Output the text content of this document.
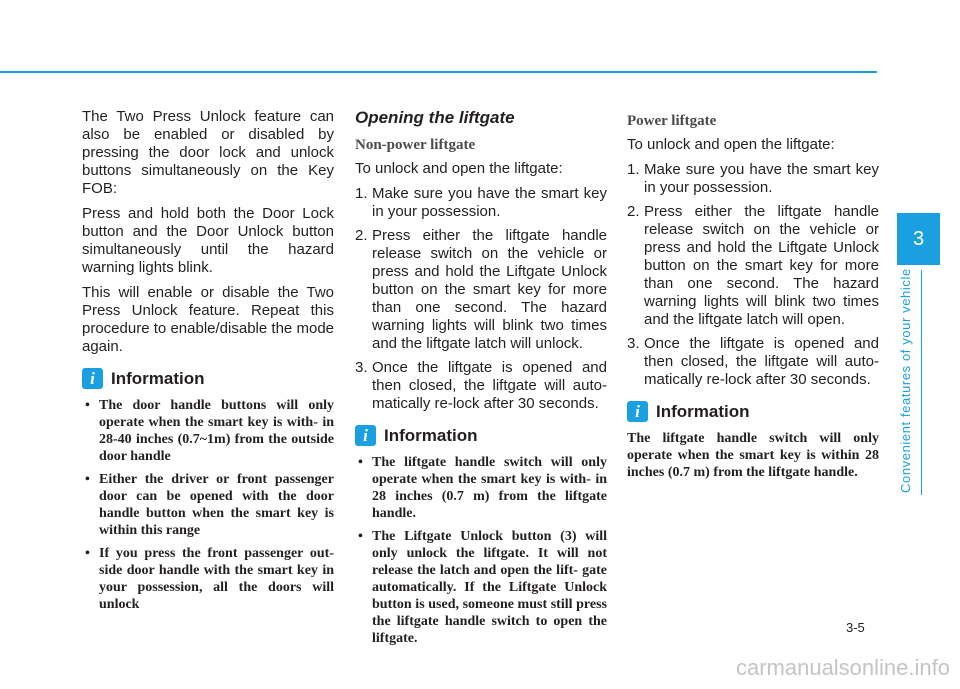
The Two Press Unlock feature can also be enabled or disabled by pressing the door lock and unlock buttons simultaneously on the Key FOB:

Press and hold both the Door Lock button and the Door Unlock button simultaneously until the hazard warning lights blink.

This will enable or disable the Two Press Unlock feature. Repeat this procedure to enable/disable the mode again.

i Information
• The door handle buttons will only operate when the smart key is with- in 28-40 inches (0.7~1m) from the outside door handle
• Either the driver or front passenger door can be opened with the door handle button when the smart key is within this range
• If you press the front passenger out- side door handle with the smart key in your possession, all the doors will unlock
Opening the liftgate
Non-power liftgate

To unlock and open the liftgate:

1. Make sure you have the smart key in your possession.
2. Press either the liftgate handle release switch on the vehicle or press and hold the Liftgate Unlock button on the smart key for more than one second. The hazard warning lights will blink two times and the liftgate latch will unlock.
3. Once the liftgate is opened and then closed, the liftgate will auto- matically re-lock after 30 seconds.
i Information
• The liftgate handle switch will only operate when the smart key is with- in 28 inches (0.7 m) from the liftgate handle.
• The Liftgate Unlock button (3) will only unlock the liftgate. It will not release the latch and open the lift- gate automatically. If the Liftgate Unlock button is used, someone must still press the liftgate handle switch to open the liftgate.
Power liftgate

To unlock and open the liftgate:

1. Make sure you have the smart key in your possession.
2. Press either the liftgate handle release switch on the vehicle or press and hold the Liftgate Unlock button on the smart key for more than one second. The hazard warning lights will blink two times and the liftgate latch will open.
3. Once the liftgate is opened and then closed, the liftgate will auto- matically re-lock after 30 seconds.
i Information

The liftgate handle switch will only operate when the smart key is within 28 inches (0.7 m) from the liftgate handle.

3
Convenient features of your vehicle
3-5
carmanualsonline.info
